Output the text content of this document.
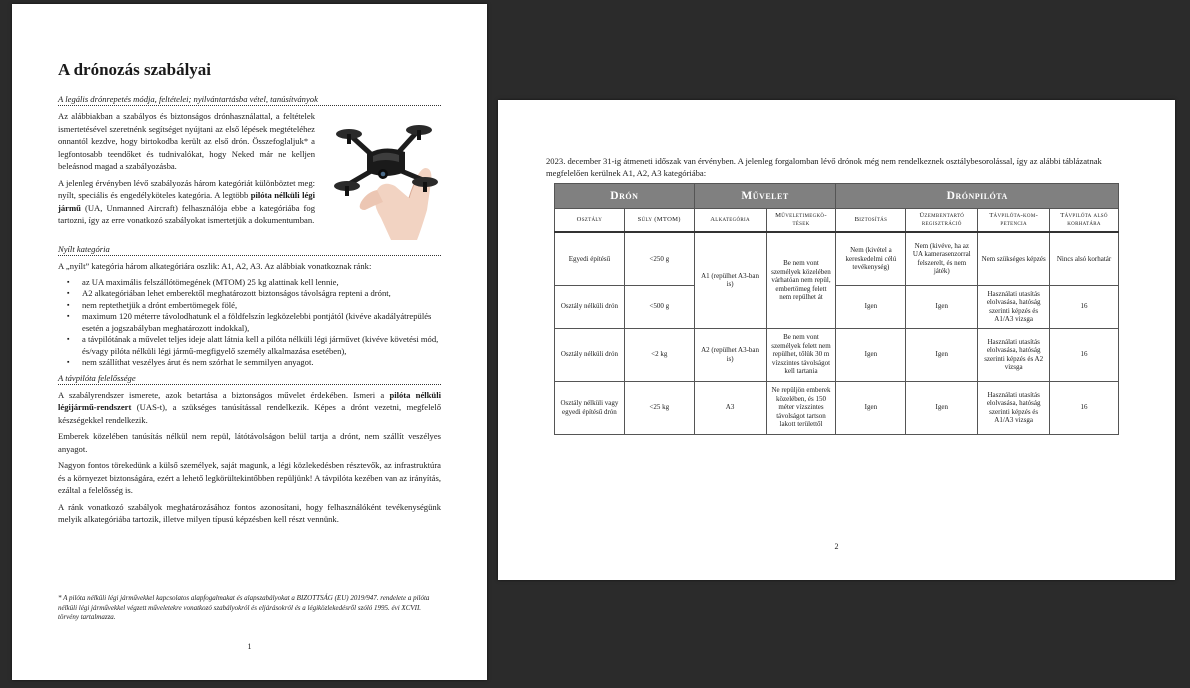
A drónozás szabályai
A legális drónrepetés módja, feltételei; nyilvántartásba vétel, tanúsítványok
Az alábbiakban a szabályos és biztonságos drónhasználattal, a feltételek ismertetésével szeretnénk segítséget nyújtani az első lépések megtételéhez onnantól kezdve, hogy birtokodba került az első drón. Összefoglaljuk* a legfontosabb teendőket és tudnivalókat, hogy Neked már ne kelljen beleásnod magad a szabályozásba.
A jelenleg érvényben lévő szabályozás három kategóriát különböztet meg: nyílt, speciális és engedélyköteles kategória. A legtöbb pilóta nélküli légi jármű (UA, Unmanned Aircraft) felhasználója ebbe a kategóriába fog tartozni, így az erre vonatkozó szabályokat ismertetjük a dokumentumban.
Nyílt kategória
A „nyílt” kategória három alkategóriára oszlik: A1, A2, A3. Az alábbiak vonatkoznak ránk:
▪ az UA maximális felszállótömegének (MTOM) 25 kg alattinak kell lennie,
▪ A2 alkategóriában lehet emberektől meghatározott biztonságos távolságra repteni a drónt,
▪ nem reptethetjük a drónt embertömegek fölé,
▪ maximum 120 méterre távolodhatunk el a földfelszín legközelebbi pontjától (kivéve akadályátrepülés esetén a jogszabályban meghatározott indokkal),
▪ a távpilótának a művelet teljes ideje alatt látnia kell a pilóta nélküli légi járművet (kivéve követési mód, és/vagy pilóta nélküli légi jármű-megfigyelő személy alkalmazása esetében),
▪ nem szállíthat veszélyes árut és nem szórhat le semmilyen anyagot.
A távpilóta felelőssége
A szabályrendszer ismerete, azok betartása a biztonságos művelet érdekében. Ismeri a pilóta nélküli légijármű-rendszert (UAS-t), a szükséges tanúsítással rendelkezik. Képes a drónt vezetni, megfelelő készségekkel rendelkezik.
Emberek közelében tanúsítás nélkül nem repül, látótávolságon belül tartja a drónt, nem szállít veszélyes anyagot.
Nagyon fontos törekedünk a külső személyek, saját magunk, a légi közlekedésben résztevők, az infrastruktúra és a környezet biztonságára, ezért a lehető legkörültekintőbben repüljünk! A távpilóta kezében van az irányítás, ezáltal a felelősség is.
A ránk vonatkozó szabályok meghatározásához fontos azonosítani, hogy felhasználóként tevékenységünk melyik alkategóriába tartozik, illetve milyen típusú képzésben kell részt vennünk.
* A pilóta nélküli légi járművekkel kapcsolatos alapfogalmakat és alapszabályokat a BIZOTTSÁG (EU) 2019/947. rendelete a pilóta nélküli légi járművekkel végzett műveletekre vonatkozó szabályokról és eljárásokról és a légiközlekedésről szóló 1995. évi XCVII. törvény tartalmazza.
1
2023. december 31-ig átmeneti időszak van érvényben. A jelenleg forgalomban lévő drónok még nem rendelkeznek osztálybesorolással, így az alábbi táblázatnak megfelelően kerülnek A1, A2, A3 kategóriába:
Drón		Művelet		Drónpilóta			
Osztály	Súly (MTOM)	Alkategória	Műveletimegkö-tések	Biztosítás	Üzembentartó regisztráció	Távpilóta-kom-petencia	Távpilóta alsó korhatára
Egyedi építésű	<250 g	A1 (repülhet A3-ban is)	Be nem vont személyek közelében várhatóan nem repül, embertömeg felett nem repülhet át	Nem (kivétel a kereskedelmi célú tevékenység)	Nem (kivéve, ha az UA kamerasenzorral felszerelt, és nem játék)	Nem szükséges képzés	Nincs alsó korhatár
Osztály nélküli drón	<500 g			Igen	Igen	Használati utasítás elolvasása, hatóság szerinti képzés és A1/A3 vizsga	16
Osztály nélküli drón	<2 kg	A2 (repülhet A3-ban is)	Be nem vont személyek felett nem repülhet, tőlük 30 m vízszintes távolságot kell tartania	Igen	Igen	Használati utasítás elolvasása, hatóság szerinti képzés és A2 vizsga	16
Osztály nélküli vagy egyedi építésű drón	<25 kg	A3	Ne repüljön emberek közelében, és 150 méter vízszintes távolságot tartson lakott területtől	Igen	Igen	Használati utasítás elolvasása, hatóság szerinti képzés és A1/A3 vizsga	16
2
